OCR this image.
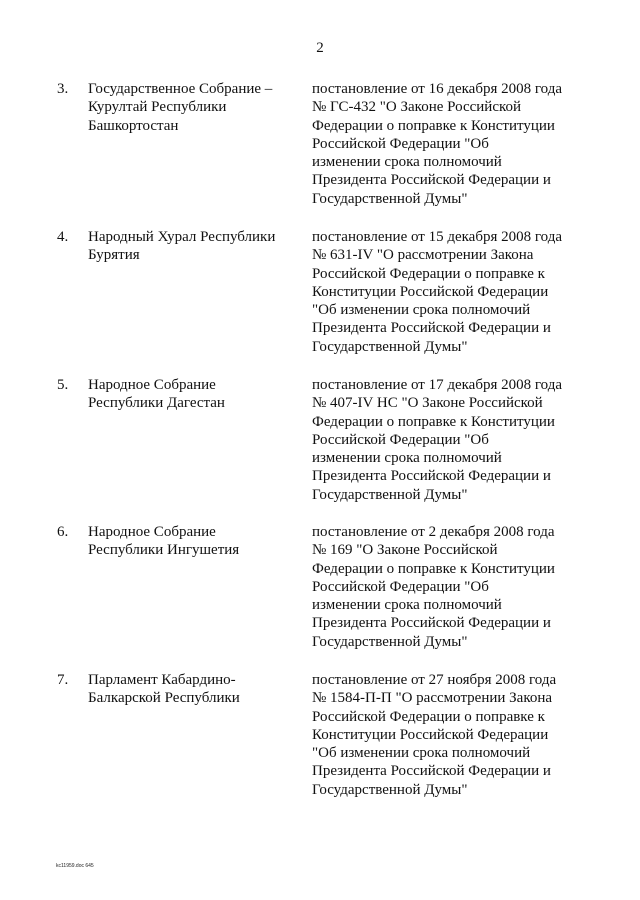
2
3. Государственное Собрание –
Курултай Республики
Башкортостан
постановление от 16 декабря 2008 года
№ ГС-432 "О Законе Российской
Федерации о поправке к Конституции
Российской Федерации "Об
изменении срока полномочий
Президента Российской Федерации и
Государственной Думы"
4. Народный Хурал Республики
Бурятия
постановление от 15 декабря 2008 года
№ 631-IV "О рассмотрении Закона
Российской Федерации о поправке к
Конституции Российской Федерации
"Об изменении срока полномочий
Президента Российской Федерации и
Государственной Думы"
5. Народное Собрание
Республики Дагестан
постановление от 17 декабря 2008 года
№ 407-IV НС "О Законе Российской
Федерации о поправке к Конституции
Российской Федерации "Об
изменении срока полномочий
Президента Российской Федерации и
Государственной Думы"
6. Народное Собрание
Республики Ингушетия
постановление от 2 декабря 2008 года
№ 169 "О Законе Российской
Федерации о поправке к Конституции
Российской Федерации "Об
изменении срока полномочий
Президента Российской Федерации и
Государственной Думы"
7. Парламент Кабардино-
Балкарской Республики
постановление от 27 ноября 2008 года
№ 1584-П-П "О рассмотрении Закона
Российской Федерации о поправке к
Конституции Российской Федерации
"Об изменении срока полномочий
Президента Российской Федерации и
Государственной Думы"
kc11959.doc 645
